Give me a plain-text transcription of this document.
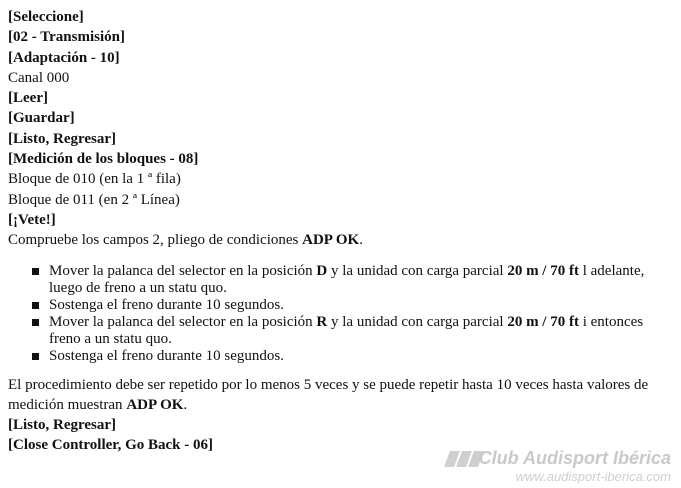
[Seleccione]
[02 - Transmisión]
[Adaptación - 10]
Canal 000
[Leer]
[Guardar]
[Listo, Regresar]
[Medición de los bloques - 08]
Bloque de 010 (en la 1 ª fila)
Bloque de 011 (en 2 ª Línea)
[¡Vete!]
Compruebe los campos 2, pliego de condiciones ADP OK.
Mover la palanca del selector en la posición D y la unidad con carga parcial 20 m / 70 ft l adelante, luego de freno a un statu quo.
Sostenga el freno durante 10 segundos.
Mover la palanca del selector en la posición R y la unidad con carga parcial 20 m / 70 ft i entonces freno a un statu quo.
Sostenga el freno durante 10 segundos.
El procedimiento debe ser repetido por lo menos 5 veces y se puede repetir hasta 10 veces hasta valores de medición muestran ADP OK.
[Listo, Regresar]
[Close Controller, Go Back - 06]
Club Audisport Ibérica
www.audisport-iberica.com
